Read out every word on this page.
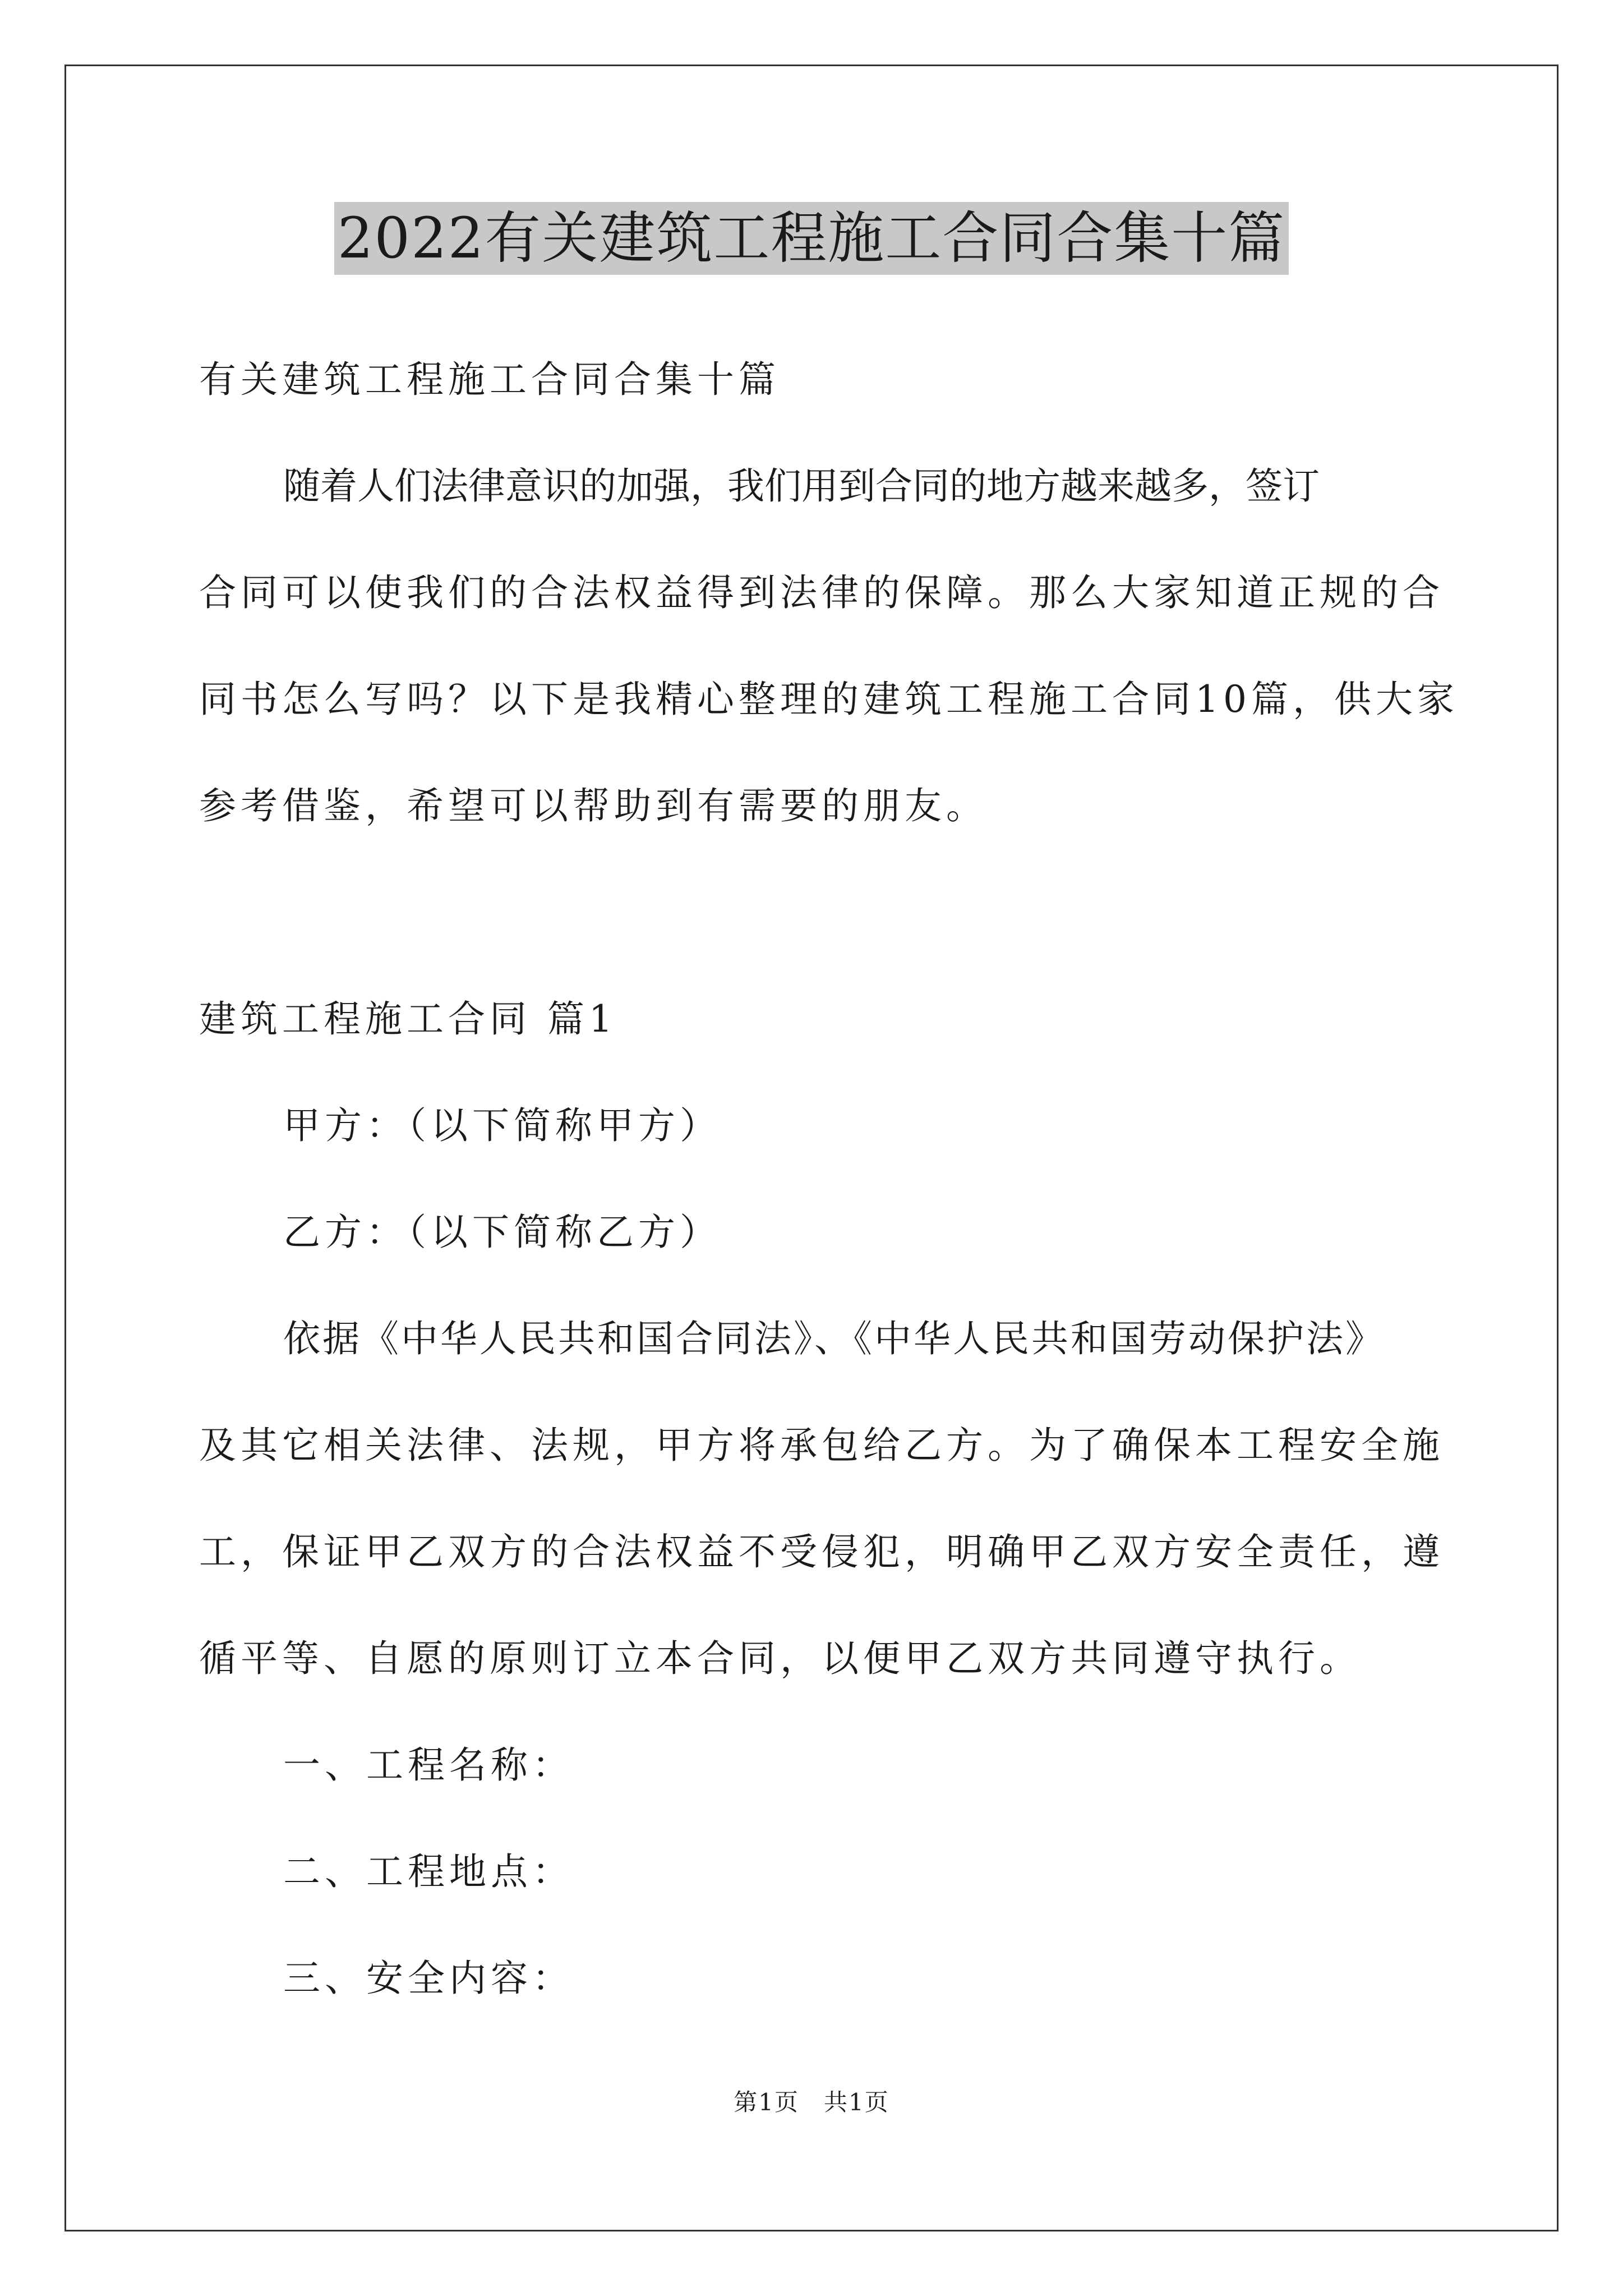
2022有关建筑工程施工合同合集十篇
有关建筑工程施工合同合集十篇
随着人们法律意识的加强，我们用到合同的地方越来越多，签订
合同可以使我们的合法权益得到法律的保障。那么大家知道正规的合
同书怎么写吗？以下是我精心整理的建筑工程施工合同10篇，供大家
参考借鉴，希望可以帮助到有需要的朋友。
建筑工程施工合同 篇1
甲方：（以下简称甲方）
乙方：（以下简称乙方）
依据《中华人民共和国合同法》、《中华人民共和国劳动保护法》
及其它相关法律、法规，甲方将承包给乙方。为了确保本工程安全施
工，保证甲乙双方的合法权益不受侵犯，明确甲乙双方安全责任，遵
循平等、自愿的原则订立本合同，以便甲乙双方共同遵守执行。
一、工程名称：
二、工程地点：
三、安全内容：
第1页　共1页
